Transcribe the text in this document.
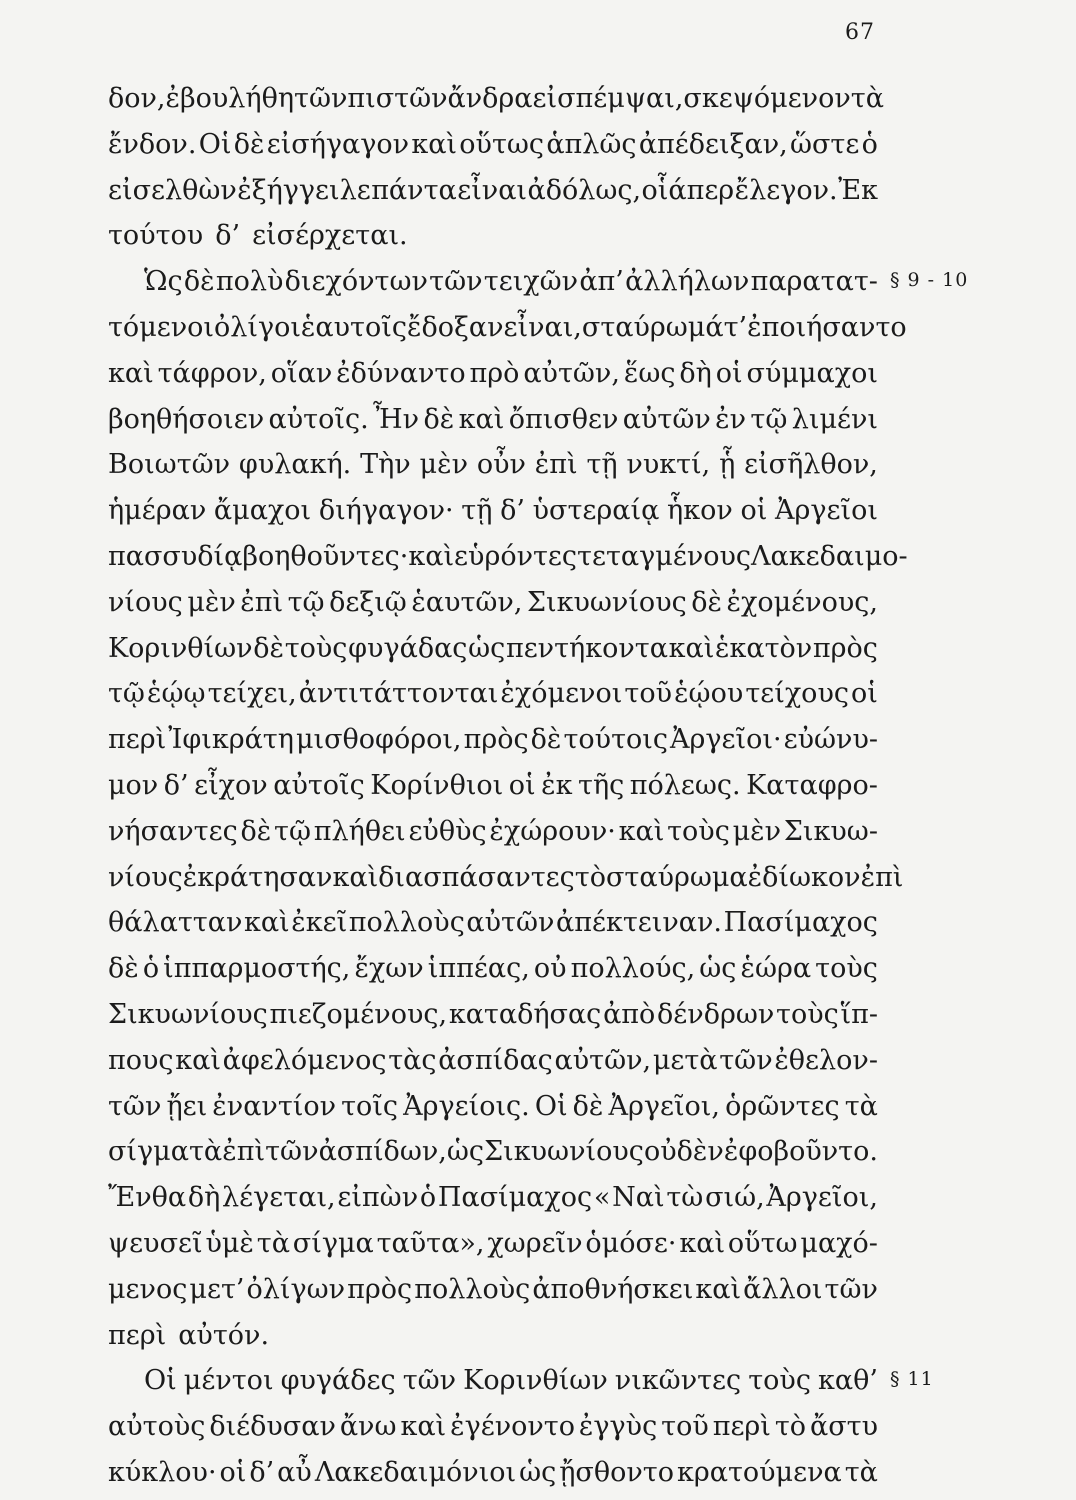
67
δον, ἐβουλήθη τῶν πιστῶν ἄνδρα εἰσπέμψαι, σκεψόμενον τὰ
ἔνδον. Οἱ δὲ εἰσήγαγον καὶ οὕτως ἁπλῶς ἀπέδειξαν, ὥστε ὁ
εἰσελθὼν ἐξήγγειλε πάντα εἶναι ἀδόλως, οἷάπερ ἔλεγον. Ἐκ
τούτου δ’ εἰσέρχεται.
Ὡς δὲ πολὺ διεχόντων τῶν τειχῶν ἀπ’ ἀλλήλων παρατατ-
τόμενοι ὀλίγοι ἑαυτοῖς ἔδοξαν εἶναι, σταύρωμά τ’ ἐποιήσαντο
καὶ τάφρον, οἵαν ἐδύναντο πρὸ αὐτῶν, ἕως δὴ οἱ σύμμαχοι
βοηθήσοιεν αὐτοῖς. Ἦν δὲ καὶ ὄπισθεν αὐτῶν ἐν τῷ λιμένι
Βοιωτῶν φυλακή. Τὴν μὲν οὖν ἐπὶ τῇ νυκτί, ᾗ εἰσῆλθον,
ἡμέραν ἄμαχοι διήγαγον· τῇ δ’ ὑστεραίᾳ ἧκον οἱ Ἀργεῖοι
πασσυδίᾳ βοηθοῦντες· καὶ εὑρόντες τεταγμένους Λακεδαιμο-
νίους μὲν ἐπὶ τῷ δεξιῷ ἑαυτῶν, Σικυωνίους δὲ ἐχομένους,
Κορινθίων δὲ τοὺς φυγάδας ὡς πεντήκοντα καὶ ἑκατὸν πρὸς
τῷ ἑῴῳ τείχει, ἀντιτάττονται ἐχόμενοι τοῦ ἑῴου τείχους οἱ
περὶ Ἰφικράτη μισθοφόροι, πρὸς δὲ τούτοις Ἀργεῖοι· εὐώνυ-
μον δ’ εἶχον αὐτοῖς Κορίνθιοι οἱ ἐκ τῆς πόλεως. Καταφρο-
νήσαντες δὲ τῷ πλήθει εὐθὺς ἐχώρουν· καὶ τοὺς μὲν Σικυω-
νίους ἐκράτησαν καὶ διασπάσαντες τὸ σταύρωμα ἐδίωκον ἐπὶ
θάλατταν καὶ ἐκεῖ πολλοὺς αὐτῶν ἀπέκτειναν. Πασίμαχος
δὲ ὁ ἱππαρμοστής, ἔχων ἱππέας, οὐ πολλούς, ὡς ἑώρα τοὺς
Σικυωνίους πιεζομένους, καταδήσας ἀπὸ δένδρων τοὺς ἵπ-
πους καὶ ἀφελόμενος τὰς ἀσπίδας αὐτῶν, μετὰ τῶν ἐθελον-
τῶν ᾔει ἐναντίον τοῖς Ἀργείοις. Οἱ δὲ Ἀργεῖοι, ὁρῶντες τὰ
σίγμα τὰ ἐπὶ τῶν ἀσπίδων, ὡς Σικυωνίους οὐδὲν ἐφοβοῦντο.
Ἔνθα δὴ λέγεται, εἰπὼν ὁ Πασίμαχος « Ναὶ τὼ σιώ, Ἀργεῖοι,
ψευσεῖ ὑμὲ τὰ σίγμα ταῦτα», χωρεῖν ὁμόσε· καὶ οὕτω μαχό-
μενος μετ’ ὀλίγων πρὸς πολλοὺς ἀποθνήσκει καὶ ἄλλοι τῶν
περὶ αὐτόν.
Οἱ μέντοι φυγάδες τῶν Κορινθίων νικῶντες τοὺς καθ’
αὐτοὺς διέδυσαν ἄνω καὶ ἐγένοντο ἐγγὺς τοῦ περὶ τὸ ἄστυ
κύκλου· οἱ δ’ αὖ Λακεδαιμόνιοι ὡς ᾔσθοντο κρατούμενα τὰ
§ 9 - 10
§ 11
